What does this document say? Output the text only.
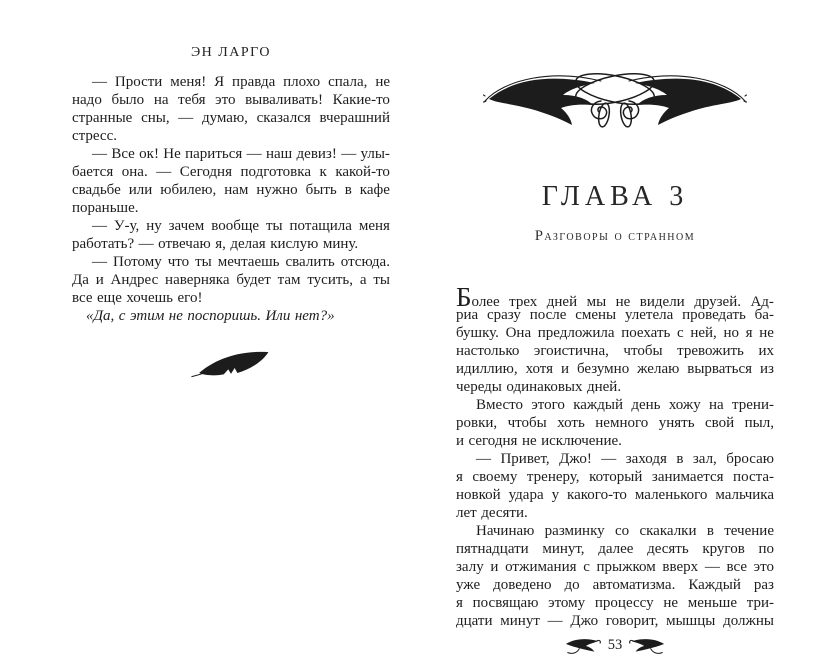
ЭН ЛАРГО
— Прости меня! Я правда плохо спала, не
надо было на тебя это вываливать! Какие-то
странные сны, — думаю, сказался вчерашний
стресс.
— Все ок! Не париться — наш девиз! — улы-
бается она. — Сегодня подготовка к какой-то
свадьбе или юбилею, нам нужно быть в кафе
пораньше.
— У-у, ну зачем вообще ты потащила меня
работать? — отвечаю я, делая кислую мину.
— Потому что ты мечтаешь свалить отсюда.
Да и Андрес наверняка будет там тусить, а ты
все еще хочешь его!
«Да, с этим не поспоришь. Или нет?»
ГЛАВА 3
Разговоры о странном
Более трех дней мы не видели друзей. Ад-
риа сразу после смены улетела проведать ба-
бушку. Она предложила поехать с ней, но я не
настолько эгоистична, чтобы тревожить их
идиллию, хотя и безумно желаю вырваться из
череды одинаковых дней.
Вместо этого каждый день хожу на трени-
ровки, чтобы хоть немного унять свой пыл,
и сегодня не исключение.
— Привет, Джо! — заходя в зал, бросаю
я своему тренеру, который занимается поста-
новкой удара у какого-то маленького мальчика
лет десяти.
Начинаю разминку со скакалки в течение
пятнадцати минут, далее десять кругов по
залу и отжимания с прыжком вверх — все это
уже доведено до автоматизма. Каждый раз
я посвящаю этому процессу не меньше три-
дцати минут — Джо говорит, мышцы должны
53
